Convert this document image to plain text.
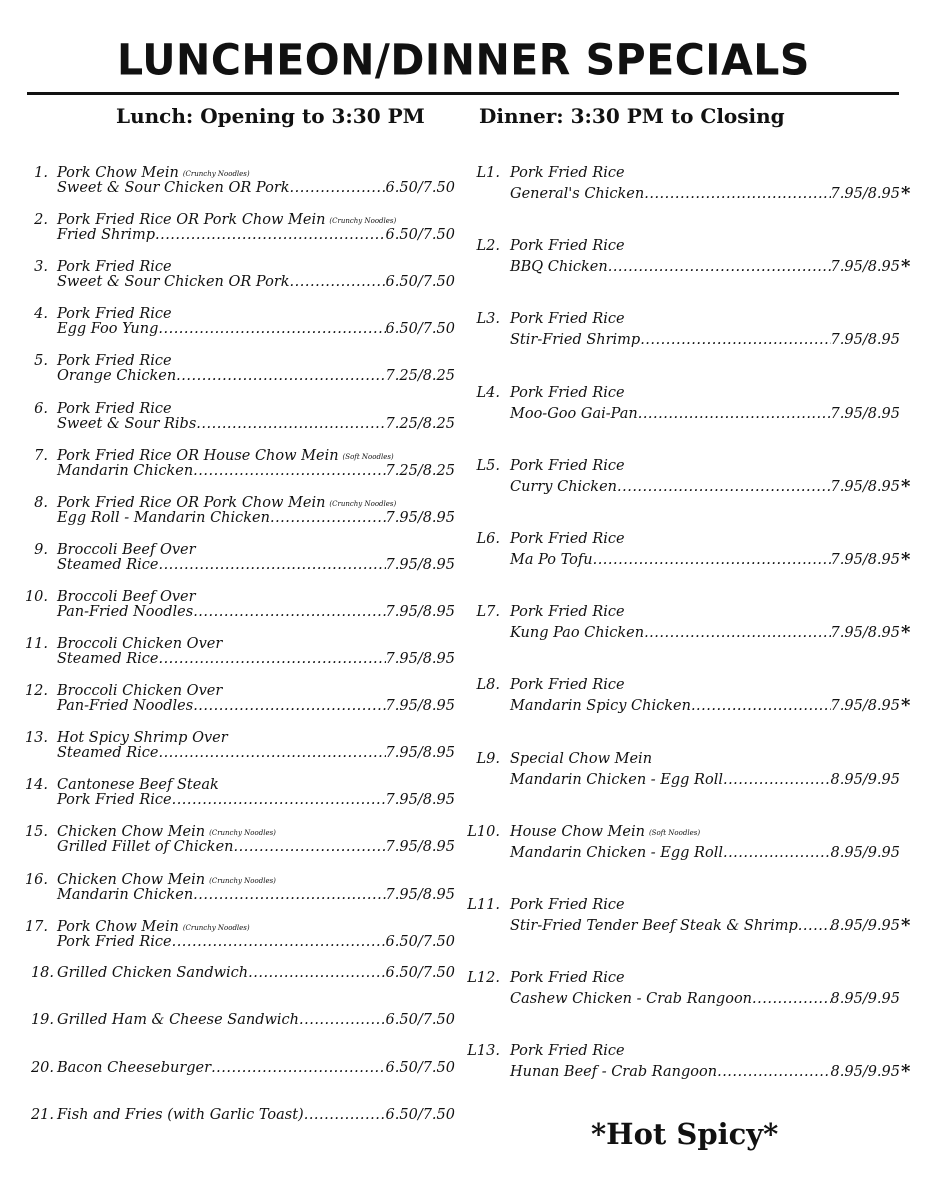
LUNCHEON/DINNER SPECIALS
Lunch: Opening to 3:30 PM	Dinner: 3:30 PM to Closing
1. Pork Chow Mein (Crunchy Noodles)
Sweet & Sour Chicken OR Pork .....	6.50/7.50
2. Pork Fried Rice OR Pork Chow Mein (Crunchy Noodles)
Fried Shrimp .....	6.50/7.50
3. Pork Fried Rice
Sweet & Sour Chicken OR Pork .....	6.50/7.50
4. Pork Fried Rice
Egg Foo Yung .....	6.50/7.50
5. Pork Fried Rice
Orange Chicken .....	7.25/8.25
6. Pork Fried Rice
Sweet & Sour Ribs .....	7.25/8.25
7. Pork Fried Rice OR House Chow Mein (Soft Noodles)
Mandarin Chicken .....	7.25/8.25
8. Pork Fried Rice OR Pork Chow Mein (Crunchy Noodles)
Egg Roll - Mandarin Chicken .....	7.95/8.95
9. Broccoli Beef Over
Steamed Rice .....	7.95/8.95
10. Broccoli Beef Over
Pan-Fried Noodles .....	7.95/8.95
11. Broccoli Chicken Over
Steamed Rice .....	7.95/8.95
12. Broccoli Chicken Over
Pan-Fried Noodles .....	7.95/8.95
13. Hot Spicy Shrimp Over
Steamed Rice .....	7.95/8.95
14. Cantonese Beef Steak
Pork Fried Rice .....	7.95/8.95
15. Chicken Chow Mein (Crunchy Noodles)
Grilled Fillet of Chicken .....	7.95/8.95
16. Chicken Chow Mein (Crunchy Noodles)
Mandarin Chicken .....	7.95/8.95
17. Pork Chow Mein (Crunchy Noodles)
Pork Fried Rice .....	6.50/7.50
18. Grilled Chicken Sandwich .....	6.50/7.50
19. Grilled Ham & Cheese Sandwich .....	6.50/7.50
20. Bacon Cheeseburger .....	6.50/7.50
21. Fish and Fries (with Garlic Toast) .....	6.50/7.50
L1. Pork Fried Rice
General's Chicken .....	7.95/8.95 *
L2. Pork Fried Rice
BBQ Chicken .....	7.95/8.95 *
L3. Pork Fried Rice
Stir-Fried Shrimp .....	7.95/8.95
L4. Pork Fried Rice
Moo-Goo Gai-Pan .....	7.95/8.95
L5. Pork Fried Rice
Curry Chicken .....	7.95/8.95 *
L6. Pork Fried Rice
Ma Po Tofu .....	7.95/8.95 *
L7. Pork Fried Rice
Kung Pao Chicken .....	7.95/8.95 *
L8. Pork Fried Rice
Mandarin Spicy Chicken .....	7.95/8.95 *
L9. Special Chow Mein
Mandarin Chicken - Egg Roll .....	8.95/9.95
L10. House Chow Mein (Soft Noodles)
Mandarin Chicken - Egg Roll .....	8.95/9.95
L11. Pork Fried Rice
Stir-Fried Tender Beef Steak & Shrimp ..... 8.95/9.95 *
L12. Pork Fried Rice
Cashew Chicken - Crab Rangoon .....	8.95/9.95
L13. Pork Fried Rice
Hunan Beef - Crab Rangoon .....	8.95/9.95 *
*Hot Spicy*
